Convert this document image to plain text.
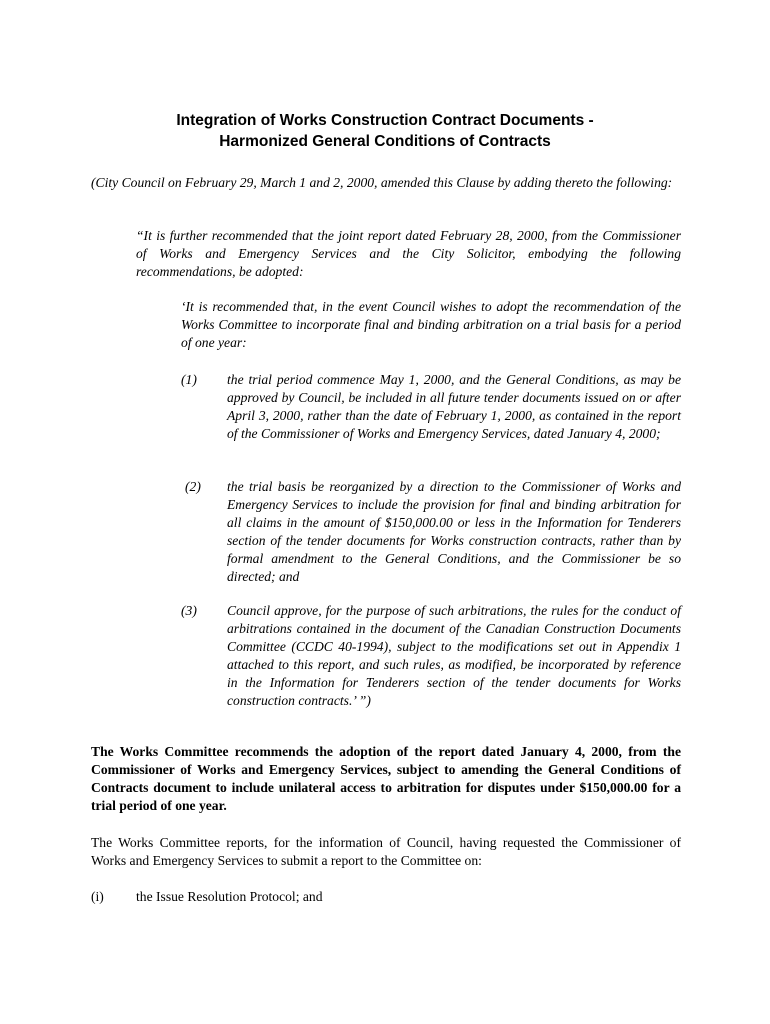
Integration of Works Construction Contract Documents -
Harmonized General Conditions of Contracts

(City Council on February 29, March 1 and 2, 2000, amended this Clause by adding thereto the following:

“It is further recommended that the joint report dated February 28, 2000, from the Commissioner of Works and Emergency Services and the City Solicitor, embodying the following recommendations, be adopted:

‘It is recommended that, in the event Council wishes to adopt the recommendation of the Works Committee to incorporate final and binding arbitration on a trial basis for a period of one year:

(1)	the trial period commence May 1, 2000, and the General Conditions, as may be approved by Council, be included in all future tender documents issued on or after April 3, 2000, rather than the date of February 1, 2000, as contained in the report of the Commissioner of Works and Emergency Services, dated January 4, 2000;
(2)	the trial basis be reorganized by a direction to the Commissioner of Works and Emergency Services to include the provision for final and binding arbitration for all claims in the amount of $150,000.00 or less in the Information for Tenderers section of the tender documents for Works construction contracts, rather than by formal amendment to the General Conditions, and the Commissioner be so directed; and
(3)	Council approve, for the purpose of such arbitrations, the rules for the conduct of arbitrations contained in the document of the Canadian Construction Documents Committee (CCDC 40-1994), subject to the modifications set out in Appendix 1 attached to this report, and such rules, as modified, be incorporated by reference in the Information for Tenderers section of the tender documents for Works construction contracts.’ ”)

The Works Committee recommends the adoption of the report dated January 4, 2000, from the Commissioner of Works and Emergency Services, subject to amending the General Conditions of Contracts document to include unilateral access to arbitration for disputes under $150,000.00 for a trial period of one year.

The Works Committee reports, for the information of Council, having requested the Commissioner of Works and Emergency Services to submit a report to the Committee on:

(i) the Issue Resolution Protocol; and
